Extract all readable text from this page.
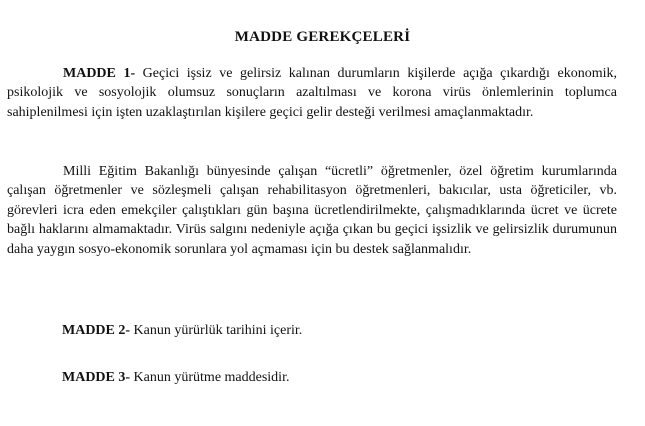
MADDE GEREKÇELERİ

MADDE 1- Geçici işsiz ve gelirsiz kalınan durumların kişilerde açığa çıkardığı ekonomik, psikolojik ve sosyolojik olumsuz sonuçların azaltılması ve korona virüs önlemlerinin toplumca sahiplenilmesi için işten uzaklaştırılan kişilere geçici gelir desteği verilmesi amaçlanmaktadır.

Milli Eğitim Bakanlığı bünyesinde çalışan “ücretli” öğretmenler, özel öğretim kurumlarında çalışan öğretmenler ve sözleşmeli çalışan rehabilitasyon öğretmenleri, bakıcılar, usta öğreticiler, vb. görevleri icra eden emekçiler çalıştıkları gün başına ücretlendirilmekte, çalışmadıklarında ücret ve ücrete bağlı haklarını almamaktadır. Virüs salgını nedeniyle açığa çıkan bu geçici işsizlik ve gelirsizlik durumunun daha yaygın sosyo-ekonomik sorunlara yol açmaması için bu destek sağlanmalıdır.

MADDE 2- Kanun yürürlük tarihini içerir.

MADDE 3- Kanun yürütme maddesidir.
